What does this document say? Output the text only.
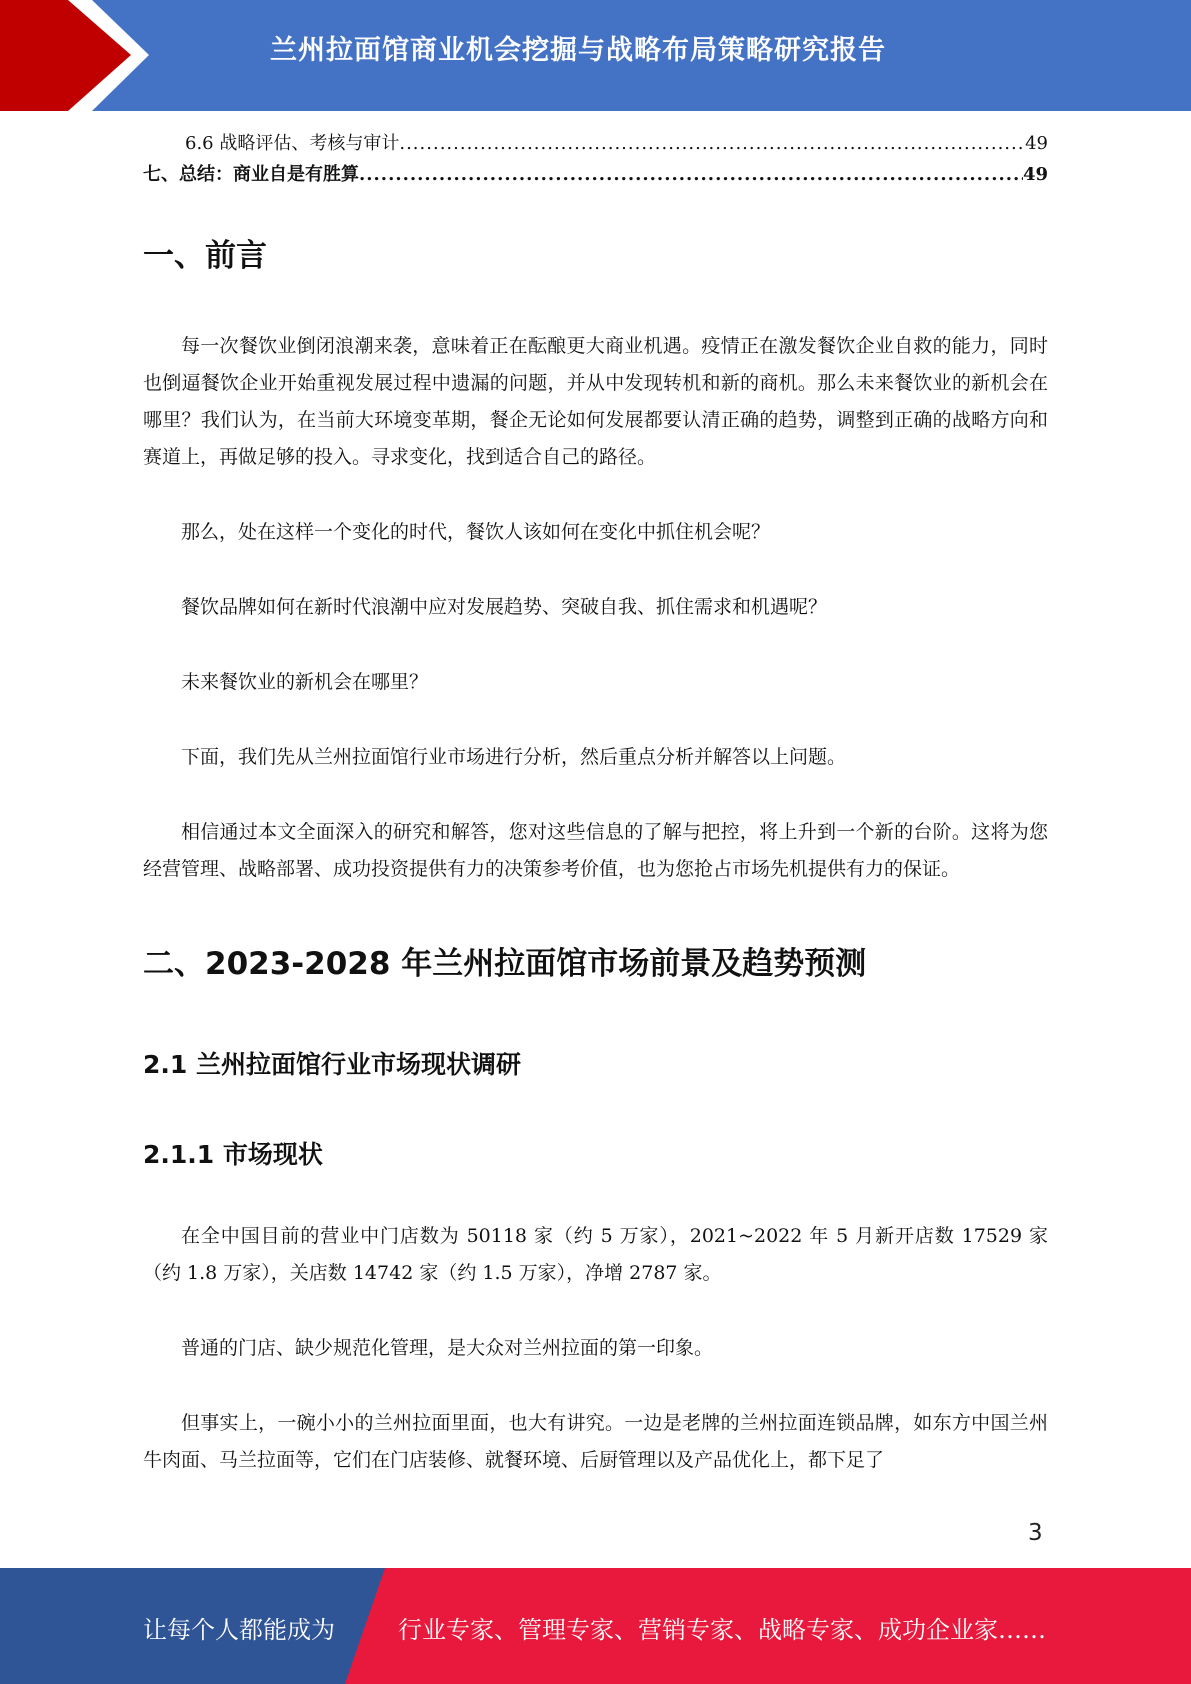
兰州拉面馆商业机会挖掘与战略布局策略研究报告
6.6 战略评估、考核与审计 .....	49
七、总结：商业自是有胜算 .....	49
一、前言

每一次餐饮业倒闭浪潮来袭，意味着正在酝酿更大商业机遇。疫情正在激发餐饮企业自救的能力，同时也倒逼餐饮企业开始重视发展过程中遗漏的问题，并从中发现转机和新的商机。那么未来餐饮业的新机会在哪里？我们认为，在当前大环境变革期，餐企无论如何发展都要认清正确的趋势，调整到正确的战略方向和赛道上，再做足够的投入。寻求变化，找到适合自己的路径。

那么，处在这样一个变化的时代，餐饮人该如何在变化中抓住机会呢？

餐饮品牌如何在新时代浪潮中应对发展趋势、突破自我、抓住需求和机遇呢？

未来餐饮业的新机会在哪里？

下面，我们先从兰州拉面馆行业市场进行分析，然后重点分析并解答以上问题。

相信通过本文全面深入的研究和解答，您对这些信息的了解与把控，将上升到一个新的台阶。这将为您经营管理、战略部署、成功投资提供有力的决策参考价值，也为您抢占市场先机提供有力的保证。

二、2023-2028 年兰州拉面馆市场前景及趋势预测
2.1 兰州拉面馆行业市场现状调研
2.1.1 市场现状

在全中国目前的营业中门店数为 50118 家（约 5 万家），2021~2022 年 5 月新开店数 17529 家（约 1.8 万家），关店数 14742 家（约 1.5 万家），净增 2787 家。

普通的门店、缺少规范化管理，是大众对兰州拉面的第一印象。

但事实上，一碗小小的兰州拉面里面，也大有讲究。一边是老牌的兰州拉面连锁品牌，如东方中国兰州牛肉面、马兰拉面等，它们在门店装修、就餐环境、后厨管理以及产品优化上，都下足了

3
让每个人都能成为	行业专家、管理专家、营销专家、战略专家、成功企业家……
